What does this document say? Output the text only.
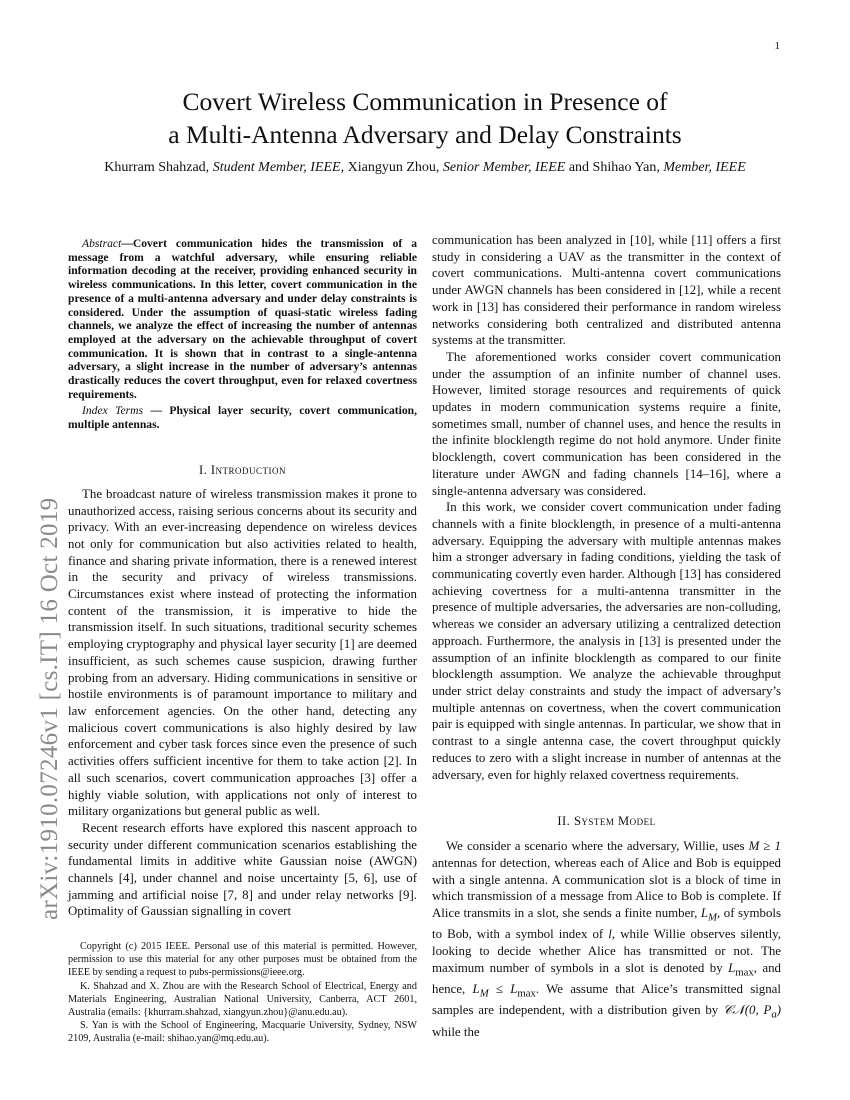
1
arXiv:1910.07246v1 [cs.IT] 16 Oct 2019
Covert Wireless Communication in Presence of
a Multi-Antenna Adversary and Delay Constraints
Khurram Shahzad, Student Member, IEEE, Xiangyun Zhou, Senior Member, IEEE and Shihao Yan, Member, IEEE

Abstract—Covert communication hides the transmission of a message from a watchful adversary, while ensuring reliable information decoding at the receiver, providing enhanced security in wireless communications. In this letter, covert communication in the presence of a multi-antenna adversary and under delay constraints is considered. Under the assumption of quasi-static wireless fading channels, we analyze the effect of increasing the number of antennas employed at the adversary on the achievable throughput of covert communication. It is shown that in contrast to a single-antenna adversary, a slight increase in the number of adversary’s antennas drastically reduces the covert throughput, even for relaxed covertness requirements.

Index Terms — Physical layer security, covert communication, multiple antennas.

I. Introduction

The broadcast nature of wireless transmission makes it prone to unauthorized access, raising serious concerns about its security and privacy. With an ever-increasing dependence on wireless devices not only for communication but also activities related to health, finance and sharing private information, there is a renewed interest in the security and privacy of wireless transmissions. Circumstances exist where instead of protecting the information content of the transmission, it is imperative to hide the transmission itself. In such situations, traditional security schemes employing cryptography and physical layer security [1] are deemed insufficient, as such schemes cause suspicion, drawing further probing from an adversary. Hiding communications in sensitive or hostile environments is of paramount importance to military and law enforcement agencies. On the other hand, detecting any malicious covert communications is also highly desired by law enforcement and cyber task forces since even the presence of such activities offers sufficient incentive for them to take action [2]. In all such scenarios, covert communication approaches [3] offer a highly viable solution, with applications not only of interest to military organizations but general public as well.

Recent research efforts have explored this nascent approach to security under different communication scenarios establishing the fundamental limits in additive white Gaussian noise (AWGN) channels [4], under channel and noise uncertainty [5, 6], use of jamming and artificial noise [7, 8] and under relay networks [9]. Optimality of Gaussian signalling in covert

communication has been analyzed in [10], while [11] offers a first study in considering a UAV as the transmitter in the context of covert communications. Multi-antenna covert communications under AWGN channels has been considered in [12], while a recent work in [13] has considered their performance in random wireless networks considering both centralized and distributed antenna systems at the transmitter.

The aforementioned works consider covert communication under the assumption of an infinite number of channel uses. However, limited storage resources and requirements of quick updates in modern communication systems require a finite, sometimes small, number of channel uses, and hence the results in the infinite blocklength regime do not hold anymore. Under finite blocklength, covert communication has been considered in the literature under AWGN and fading channels [14–16], where a single-antenna adversary was considered.

In this work, we consider covert communication under fading channels with a finite blocklength, in presence of a multi-antenna adversary. Equipping the adversary with multiple antennas makes him a stronger adversary in fading conditions, yielding the task of communicating covertly even harder. Although [13] has considered achieving covertness for a multi-antenna transmitter in the presence of multiple adversaries, the adversaries are non-colluding, whereas we consider an adversary utilizing a centralized detection approach. Furthermore, the analysis in [13] is presented under the assumption of an infinite blocklength as compared to our finite blocklength assumption. We analyze the achievable throughput under strict delay constraints and study the impact of adversary’s multiple antennas on covertness, when the covert communication pair is equipped with single antennas. In particular, we show that in contrast to a single antenna case, the covert throughput quickly reduces to zero with a slight increase in number of antennas at the adversary, even for highly relaxed covertness requirements.

II. System Model

We consider a scenario where the adversary, Willie, uses M ≥ 1 antennas for detection, whereas each of Alice and Bob is equipped with a single antenna. A communication slot is a block of time in which transmission of a message from Alice to Bob is complete. If Alice transmits in a slot, she sends a finite number, $L_M$, of symbols to Bob, with a symbol index of l, while Willie observes silently, looking to decide whether Alice has transmitted or not. The maximum number of symbols in a slot is denoted by $L_{max}$, and hence, $L_M \le L_{max}$. We assume that Alice’s transmitted signal samples are independent, with a distribution given by 𝒞𝒩(0, $P_a$) while the

Copyright (c) 2015 IEEE. Personal use of this material is permitted. However, permission to use this material for any other purposes must be obtained from the IEEE by sending a request to pubs-permissions@ieee.org.

K. Shahzad and X. Zhou are with the Research School of Electrical, Energy and Materials Engineering, Australian National University, Canberra, ACT 2601, Australia (emails: {khurram.shahzad, xiangyun.zhou}@anu.edu.au).

S. Yan is with the School of Engineering, Macquarie University, Sydney, NSW 2109, Australia (e-mail: shihao.yan@mq.edu.au).
